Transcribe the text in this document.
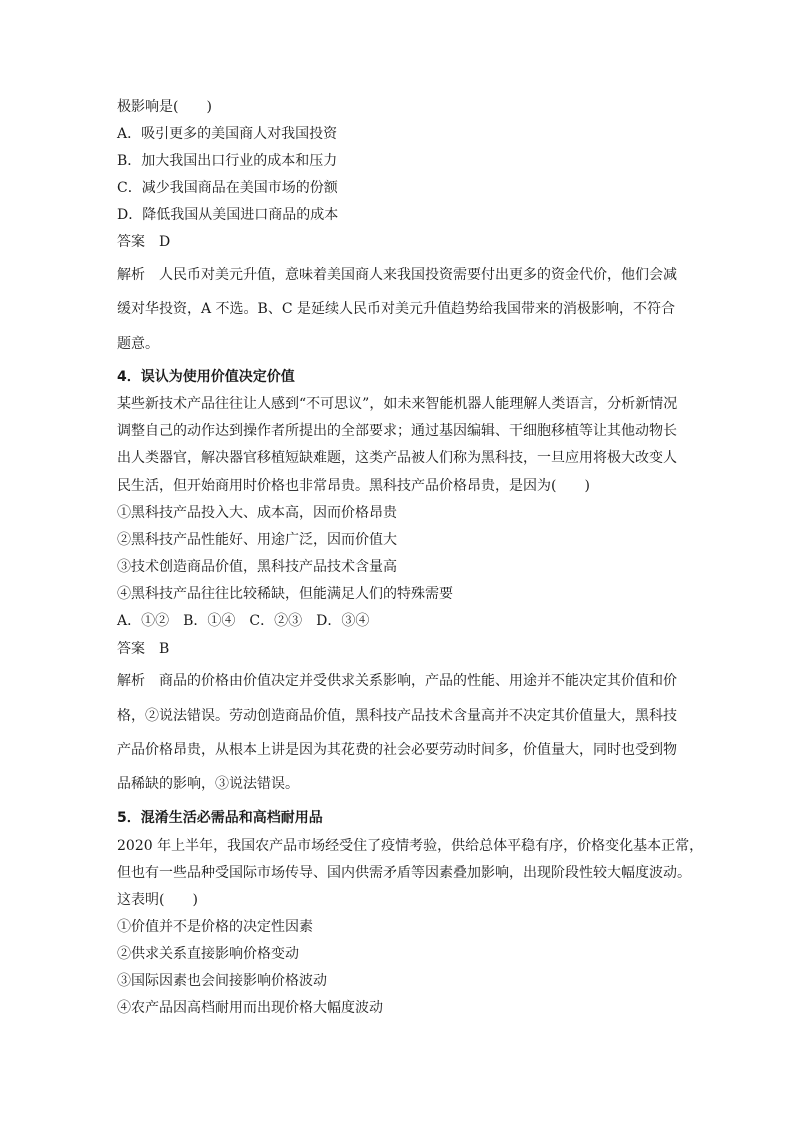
极影响是(　　)
A．吸引更多的美国商人对我国投资
B．加大我国出口行业的成本和压力
C．减少我国商品在美国市场的份额
D．降低我国从美国进口商品的成本
答案 D
解析 人民币对美元升值，意味着美国商人来我国投资需要付出更多的资金代价，他们会减
缓对华投资，A 不选。B、C 是延续人民币对美元升值趋势给我国带来的消极影响，不符合
题意。
4．误认为使用价值决定价值
某些新技术产品往往让人感到“不可思议”，如未来智能机器人能理解人类语言，分析新情况
调整自己的动作达到操作者所提出的全部要求；通过基因编辑、干细胞移植等让其他动物长
出人类器官，解决器官移植短缺难题，这类产品被人们称为黑科技，一旦应用将极大改变人
民生活，但开始商用时价格也非常昂贵。黑科技产品价格昂贵，是因为(　　)
①黑科技产品投入大、成本高，因而价格昂贵
②黑科技产品性能好、用途广泛，因而价值大
③技术创造商品价值，黑科技产品技术含量高
④黑科技产品往往比较稀缺，但能满足人们的特殊需要
A．①②　B．①④　C．②③　D．③④
答案 B
解析 商品的价格由价值决定并受供求关系影响，产品的性能、用途并不能决定其价值和价
格，②说法错误。劳动创造商品价值，黑科技产品技术含量高并不决定其价值量大，黑科技
产品价格昂贵，从根本上讲是因为其花费的社会必要劳动时间多，价值量大，同时也受到物
品稀缺的影响，③说法错误。
5．混淆生活必需品和高档耐用品
2020 年上半年，我国农产品市场经受住了疫情考验，供给总体平稳有序，价格变化基本正常，
但也有一些品种受国际市场传导、国内供需矛盾等因素叠加影响，出现阶段性较大幅度波动。
这表明(　　)
①价值并不是价格的决定性因素
②供求关系直接影响价格变动
③国际因素也会间接影响价格波动
④农产品因高档耐用而出现价格大幅度波动
